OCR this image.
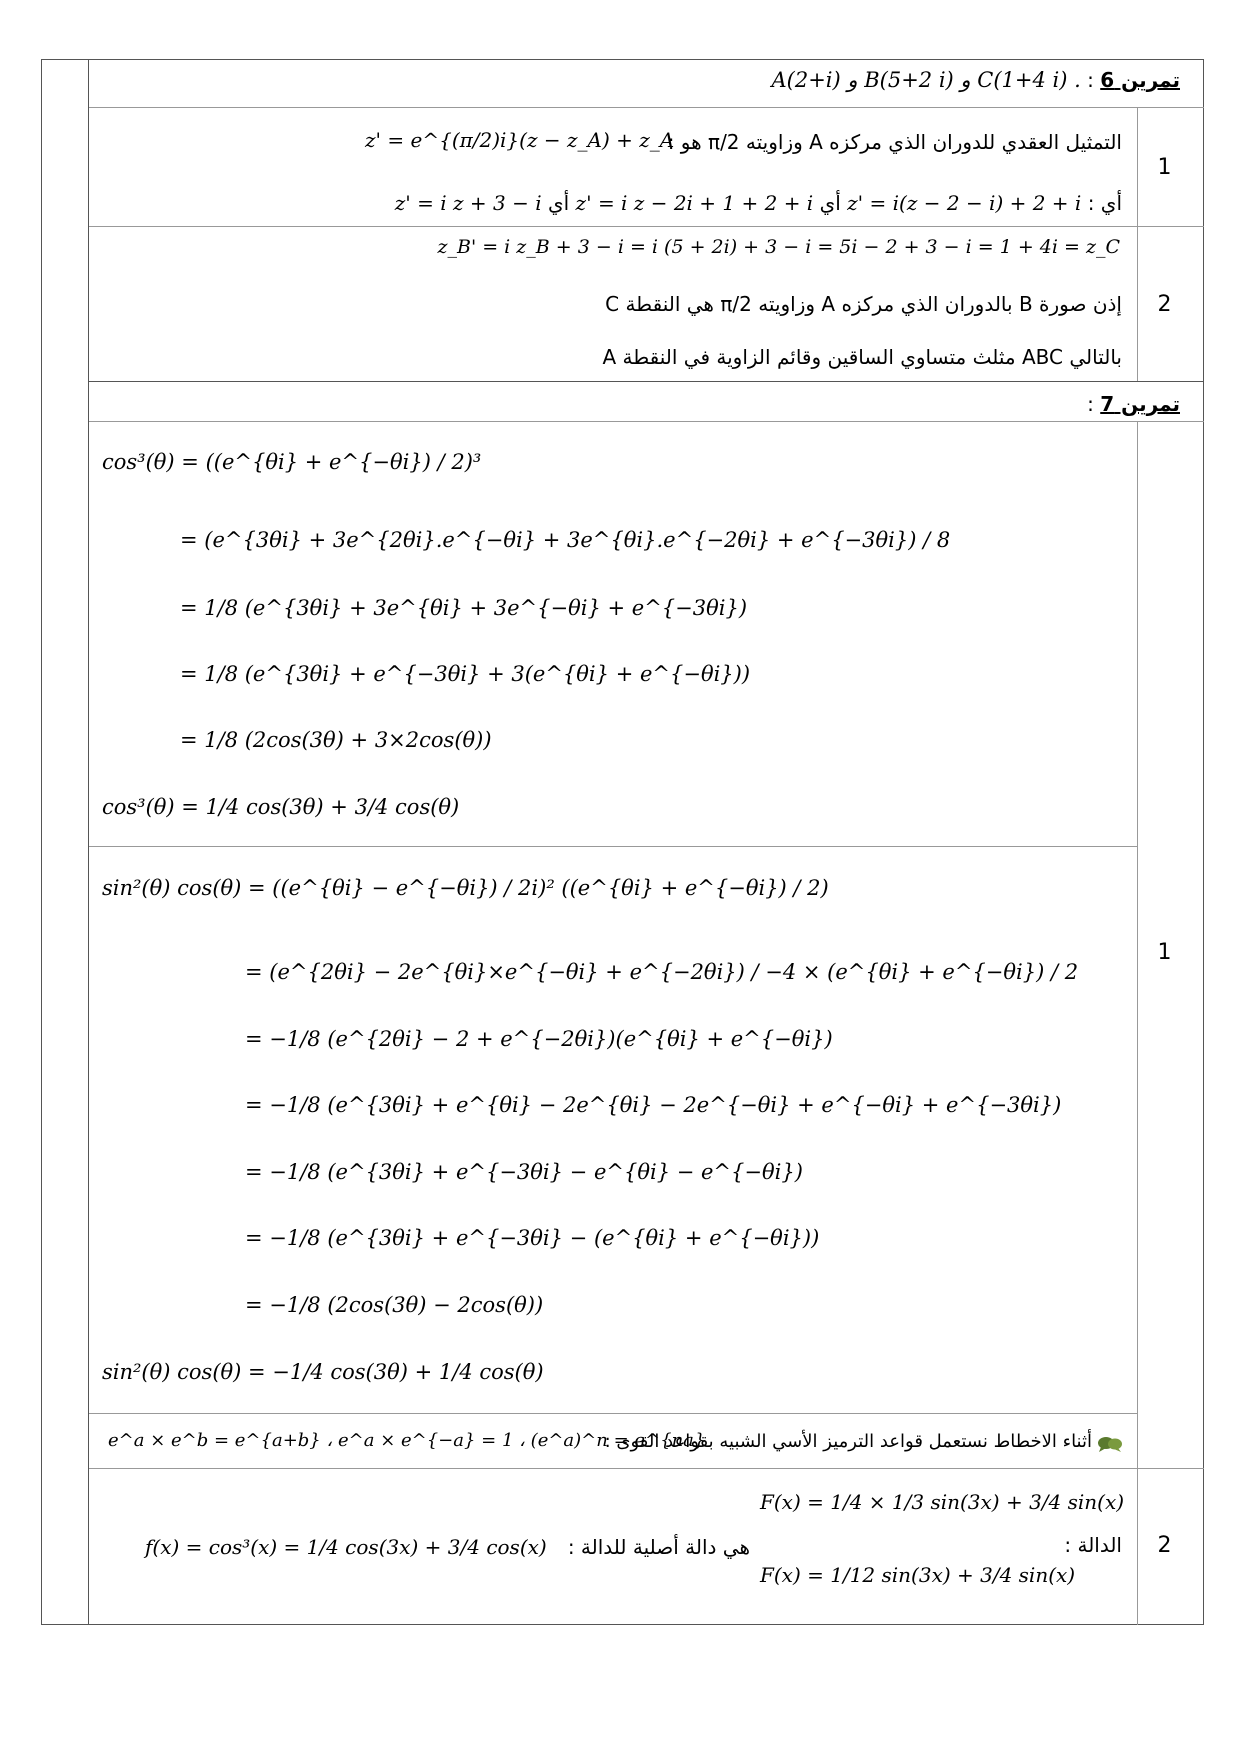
تمرين 6 : A(2+i) و B(5+2 i) و C(1+4 i) .
1
التمثيل العقدي للدوران الذي مركزه A وزاويته π/2 هو :
z' = e^{(π/2)i}(z − z_A) + z_A
أي : z' = i(z − 2 − i) + 2 + i أي z' = i z − 2i + 1 + 2 + i أي z' = i z + 3 − i
2
z_B' = i z_B + 3 − i = i (5 + 2i) + 3 − i = 5i − 2 + 3 − i = 1 + 4i = z_C
إذن صورة B بالدوران الذي مركزه A وزاويته π/2 هي النقطة C
بالتالي ABC مثلث متساوي الساقين وقائم الزاوية في النقطة A
تمرين 7 :
1
cos³(θ) = ((e^{θi} + e^{−θi}) / 2)³
= (e^{3θi} + 3e^{2θi}.e^{−θi} + 3e^{θi}.e^{−2θi} + e^{−3θi}) / 8
= 1/8 (e^{3θi} + 3e^{θi} + 3e^{−θi} + e^{−3θi})
= 1/8 (e^{3θi} + e^{−3θi} + 3(e^{θi} + e^{−θi}))
= 1/8 (2cos(3θ) + 3×2cos(θ))
cos³(θ) = 1/4 cos(3θ) + 3/4 cos(θ)
sin²(θ) cos(θ) = ((e^{θi} − e^{−θi}) / 2i)² ((e^{θi} + e^{−θi}) / 2)
= (e^{2θi} − 2e^{θi}×e^{−θi} + e^{−2θi}) / −4 × (e^{θi} + e^{−θi}) / 2
= −1/8 (e^{2θi} − 2 + e^{−2θi})(e^{θi} + e^{−θi})
= −1/8 (e^{3θi} + e^{θi} − 2e^{θi} − 2e^{−θi} + e^{−θi} + e^{−3θi})
= −1/8 (e^{3θi} + e^{−3θi} − e^{θi} − e^{−θi})
= −1/8 (e^{3θi} + e^{−3θi} − (e^{θi} + e^{−θi}))
= −1/8 (2cos(3θ) − 2cos(θ))
sin²(θ) cos(θ) = −1/4 cos(3θ) + 1/4 cos(θ)
أثناء الاخطاط نستعمل قواعد الترميز الأسي الشبيه بقواعد القوى :
e^a × e^b = e^{a+b} ، e^a × e^{−a} = 1 ، (e^a)^n = e^{na}
2
الدالة :
F(x) = 1/4 × 1/3 sin(3x) + 3/4 sin(x)
F(x) = 1/12 sin(3x) + 3/4 sin(x)
هي دالة أصلية للدالة :
f(x) = cos³(x) = 1/4 cos(3x) + 3/4 cos(x)
